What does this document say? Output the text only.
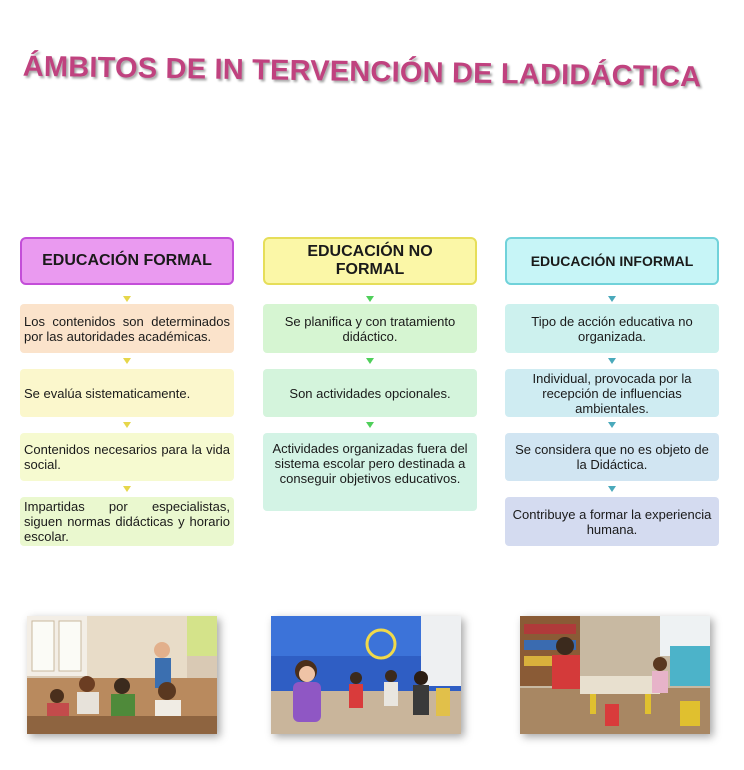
ÁMBITOS DE IN TERVENCIÓN DE LADIDÁCTICA
EDUCACIÓN FORMAL
Los contenidos son determinados por las autoridades académicas.
Se evalúa sistematicamente.
Contenidos necesarios para la vida social.
Impartidas por especialistas, siguen normas didácticas y horario escolar.
EDUCACIÓN NO FORMAL
Se planifica y con tratamiento didáctico.
Son actividades opcionales.
Actividades organizadas fuera del sistema escolar pero destinada a conseguir objetivos educativos.
EDUCACIÓN INFORMAL
Tipo de acción educativa no organizada.
Individual, provocada por la recepción de influencias ambientales.
Se considera que no es objeto de la Didáctica.
Contribuye a formar la experiencia humana.
